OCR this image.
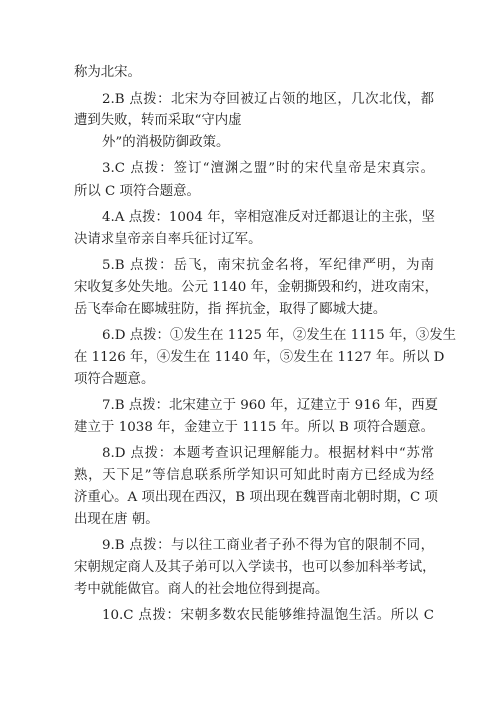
称为北宋。
2.B 点拨：北宋为夺回被辽占领的地区，几次北伐，都
遭到失败，转而采取“守内虚
外”的消极防御政策。
3.C 点拨：签订“澶渊之盟”时的宋代皇帝是宋真宗。
所以 C 项符合题意。
4.A 点拨：1004 年，宰相寇准反对迁都退让的主张，坚
决请求皇帝亲自率兵征讨辽军。
5.B 点拨：岳飞，南宋抗金名将，军纪律严明，为南
宋收复多处失地。公元 1140 年，金朝撕毁和约，进攻南宋，
岳飞奉命在郾城驻防，指 挥抗金，取得了郾城大捷。
6.D 点拨：①发生在 1125 年，②发生在 1115 年，③发生
在 1126 年，④发生在 1140 年，⑤发生在 1127 年。所以 D
项符合题意。
7.B 点拨：北宋建立于 960 年，辽建立于 916 年，西夏
建立于 1038 年，金建立于 1115 年。所以 B 项符合题意。
8.D 点拨：本题考查识记理解能力。根据材料中“苏常
熟，天下足”等信息联系所学知识可知此时南方已经成为经
济重心。A 项出现在西汉，B 项出现在魏晋南北朝时期，C 项
出现在唐 朝。
9.B 点拨：与以往工商业者子孙不得为官的限制不同，
宋朝规定商人及其子弟可以入学读书，也可以参加科举考试，
考中就能做官。商人的社会地位得到提高。
10.C 点拨：宋朝多数农民能够维持温饱生活。所以 C
